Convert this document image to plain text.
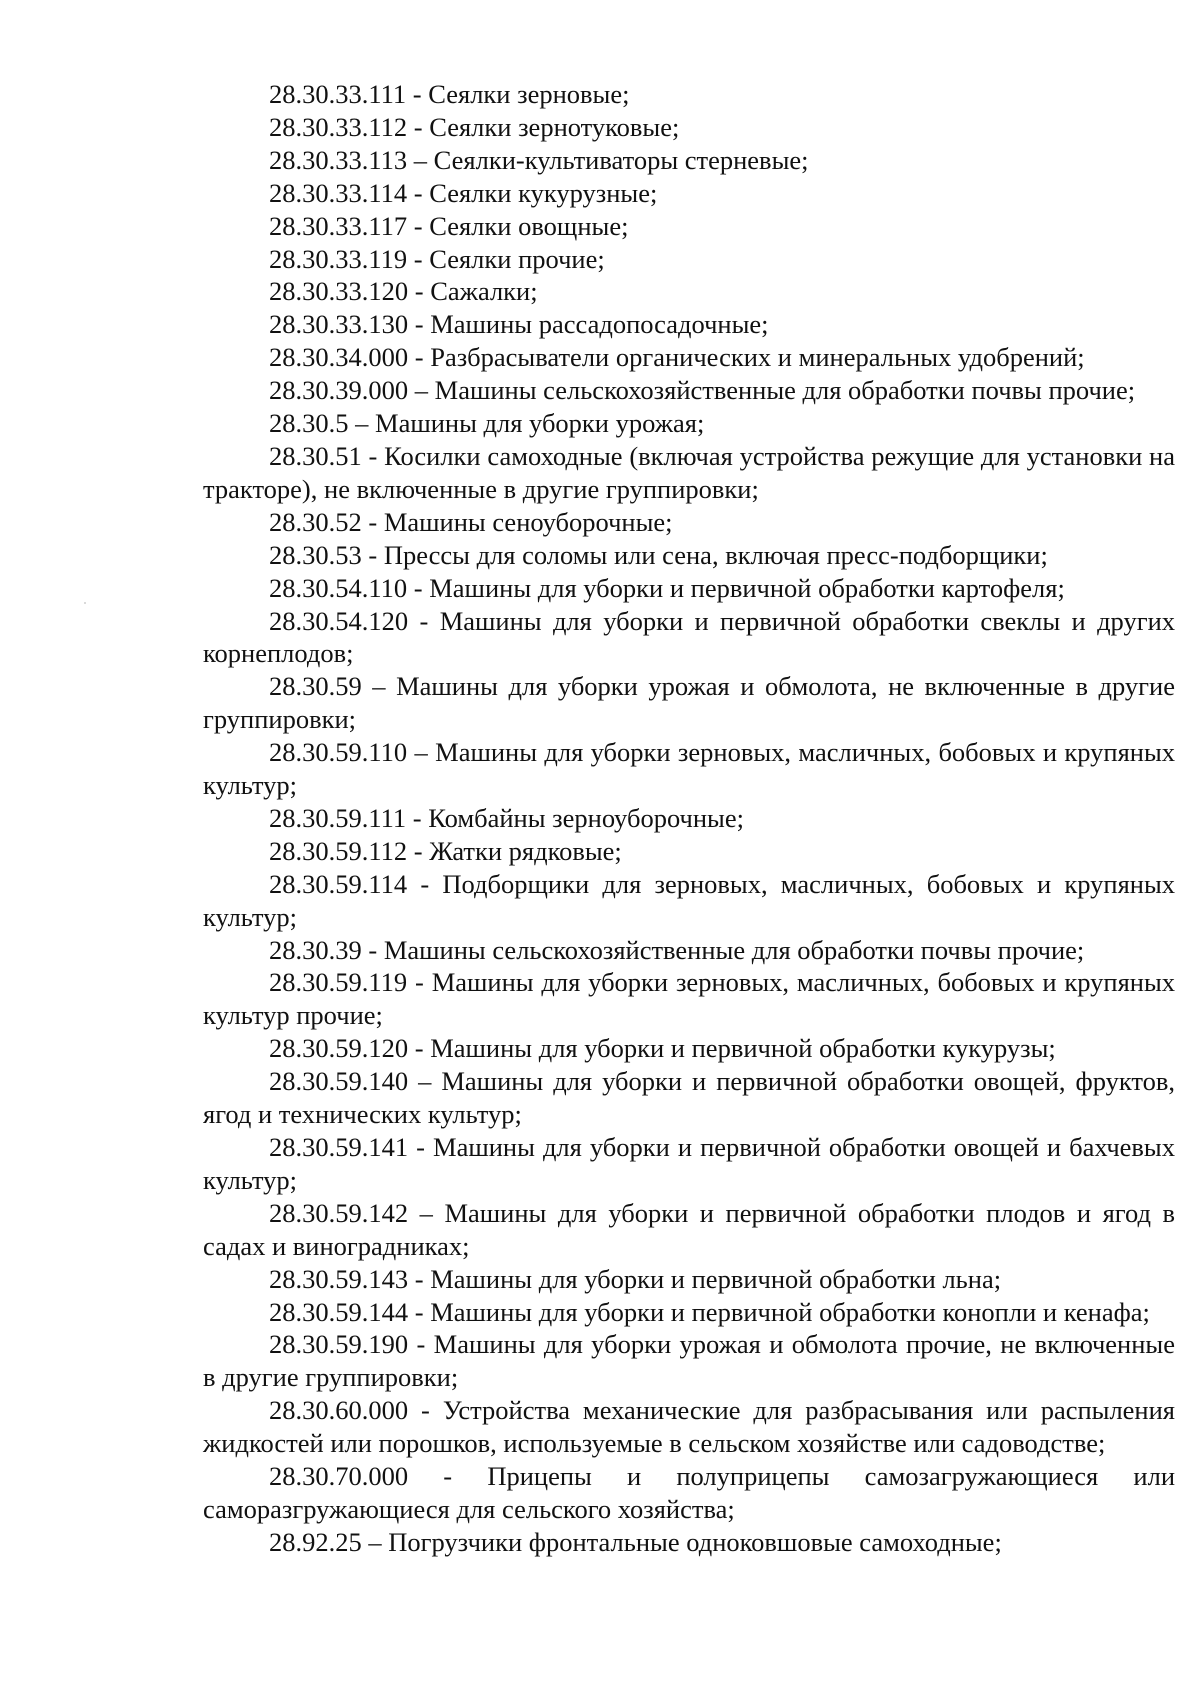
28.30.33.111 - Сеялки зерновые;

28.30.33.112 - Сеялки зернотуковые;

28.30.33.113 – Сеялки-культиваторы стерневые;

28.30.33.114 - Сеялки кукурузные;

28.30.33.117 - Сеялки овощные;

28.30.33.119 - Сеялки прочие;

28.30.33.120 - Сажалки;

28.30.33.130 - Машины рассадопосадочные;

28.30.34.000 - Разбрасыватели органических и минеральных удобрений;

28.30.39.000 – Машины сельскохозяйственные для обработки почвы прочие;

28.30.5 – Машины для уборки урожая;

28.30.51 - Косилки самоходные (включая устройства режущие для установки на тракторе), не включенные в другие группировки;

28.30.52 - Машины сеноуборочные;

28.30.53 - Прессы для соломы или сена, включая пресс-подборщики;

28.30.54.110 - Машины для уборки и первичной обработки картофеля;

28.30.54.120 - Машины для уборки и первичной обработки свеклы и других корнеплодов;

28.30.59 – Машины для уборки урожая и обмолота, не включенные в другие группировки;

28.30.59.110 – Машины для уборки зерновых, масличных, бобовых и крупяных культур;

28.30.59.111 - Комбайны зерноуборочные;

28.30.59.112 - Жатки рядковые;

28.30.59.114 - Подборщики для зерновых, масличных, бобовых и крупяных культур;

28.30.39 - Машины сельскохозяйственные для обработки почвы прочие;

28.30.59.119 - Машины для уборки зерновых, масличных, бобовых и крупяных культур прочие;

28.30.59.120 - Машины для уборки и первичной обработки кукурузы;

28.30.59.140 – Машины для уборки и первичной обработки овощей, фруктов, ягод и технических культур;

28.30.59.141 - Машины для уборки и первичной обработки овощей и бахчевых культур;

28.30.59.142 – Машины для уборки и первичной обработки плодов и ягод в садах и виноградниках;

28.30.59.143 - Машины для уборки и первичной обработки льна;

28.30.59.144 - Машины для уборки и первичной обработки конопли и кенафа;

28.30.59.190 - Машины для уборки урожая и обмолота прочие, не включенные в другие группировки;

28.30.60.000 - Устройства механические для разбрасывания или распыления жидкостей или порошков, используемые в сельском хозяйстве или садоводстве;

28.30.70.000 - Прицепы и полуприцепы самозагружающиеся или саморазгружающиеся для сельского хозяйства;

28.92.25 – Погрузчики фронтальные одноковшовые самоходные;
